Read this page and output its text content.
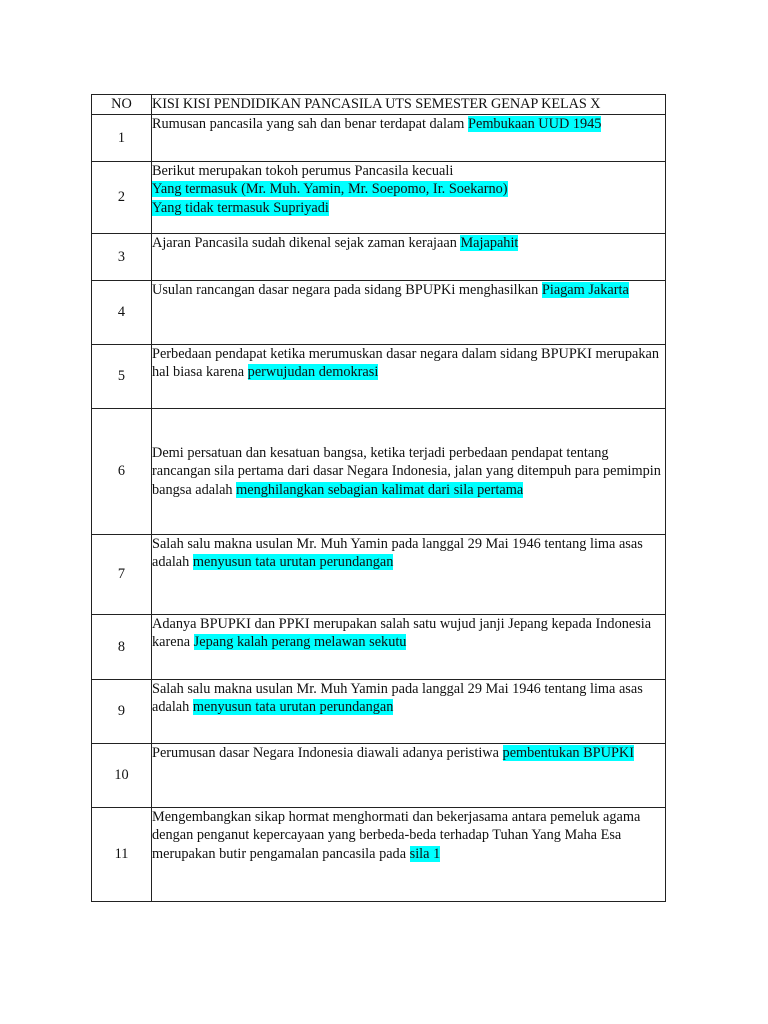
NO	KISI KISI PENDIDIKAN PANCASILA UTS SEMESTER GENAP KELAS X
1	Rumusan pancasila yang sah dan benar terdapat dalam Pembukaan UUD 1945
2	Berikut merupakan tokoh perumus Pancasila kecuali
Yang termasuk (Mr. Muh. Yamin, Mr. Soepomo, Ir. Soekarno)
Yang tidak termasuk Supriyadi
3	Ajaran Pancasila sudah dikenal sejak zaman kerajaan Majapahit
4	Usulan rancangan dasar negara pada sidang BPUPKi menghasilkan Piagam Jakarta
5	Perbedaan pendapat ketika merumuskan dasar negara dalam sidang BPUPKI merupakan hal biasa karena perwujudan demokrasi
6	Demi persatuan dan kesatuan bangsa, ketika terjadi perbedaan pendapat tentang rancangan sila pertama dari dasar Negara Indonesia, jalan yang ditempuh para pemimpin bangsa adalah menghilangkan sebagian kalimat dari sila pertama
7	Salah salu makna usulan Mr. Muh Yamin pada langgal 29 Mai 1946 tentang lima asas adalah menyusun tata urutan perundangan
8	Adanya BPUPKI dan PPKI merupakan salah satu wujud janji Jepang kepada Indonesia karena Jepang kalah perang melawan sekutu
9	Salah salu makna usulan Mr. Muh Yamin pada langgal 29 Mai 1946 tentang lima asas adalah menyusun tata urutan perundangan
10	Perumusan dasar Negara Indonesia diawali adanya peristiwa pembentukan BPUPKI
11	Mengembangkan sikap hormat menghormati dan bekerjasama antara pemeluk agama dengan penganut kepercayaan yang berbeda-beda terhadap Tuhan Yang Maha Esa merupakan butir pengamalan pancasila pada sila 1
